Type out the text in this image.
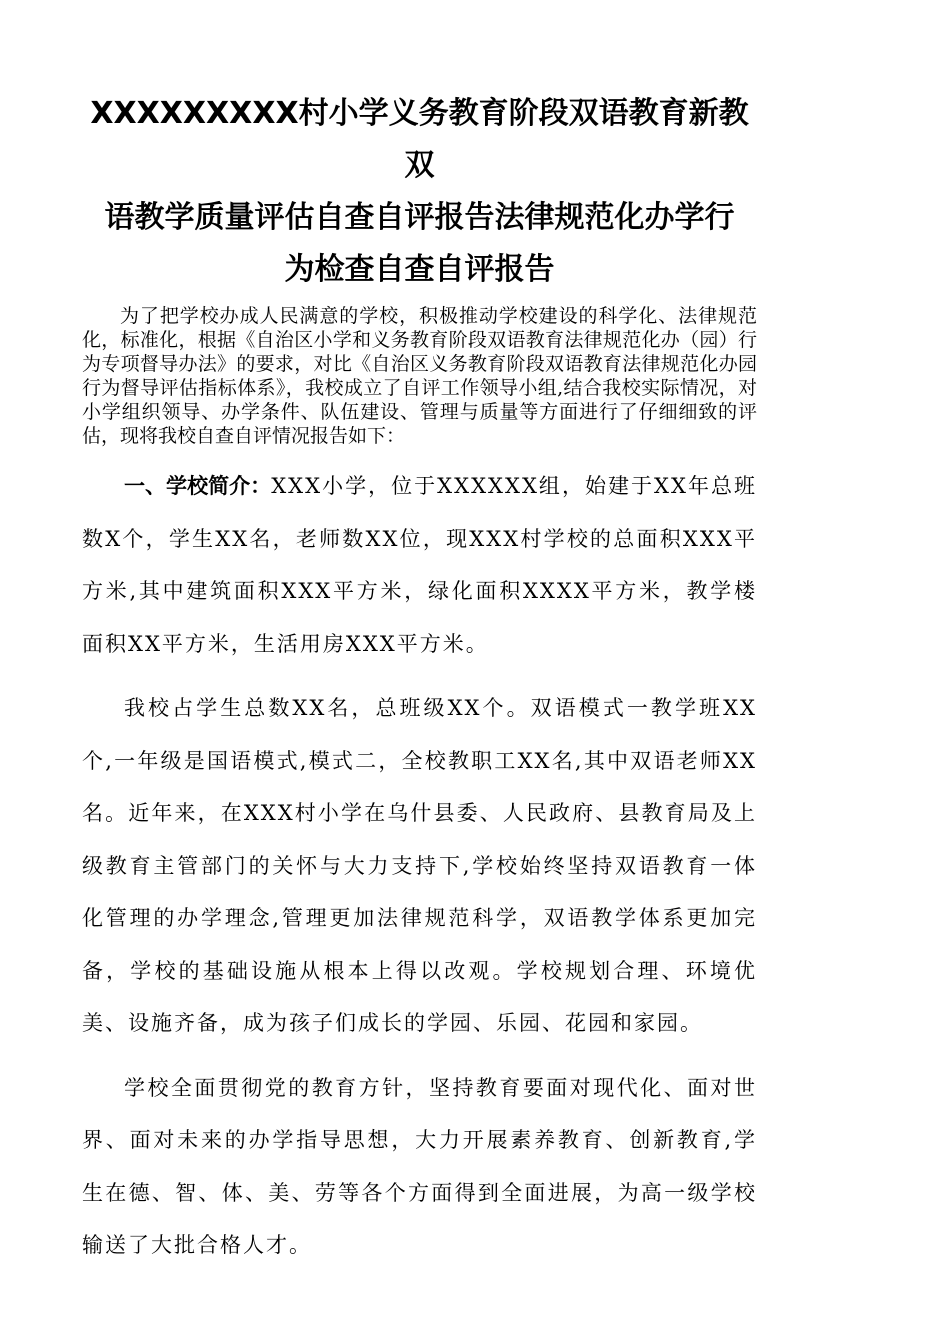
XXXXXXXXX村小学义务教育阶段双语教育新教双
语教学质量评估自查自评报告法律规范化办学行
为检查自查自评报告

为了把学校办成人民满意的学校，积极推动学校建设的科学化、法律规范化，标准化，根据《自治区小学和义务教育阶段双语教育法律规范化办（园）行为专项督导办法》的要求，对比《自治区义务教育阶段双语教育法律规范化办园行为督导评估指标体系》，我校成立了自评工作领导小组,结合我校实际情况，对小学组织领导、办学条件、队伍建设、管理与质量等方面进行了仔细细致的评估，现将我校自查自评情况报告如下：

一、学校简介：XXX小学，位于XXXXXX组，始建于XX年总班数X个，学生XX名，老师数XX位，现XXX村学校的总面积XXX平方米,其中建筑面积XXX平方米，绿化面积XXXX平方米，教学楼面积XX平方米，生活用房XXX平方米。

我校占学生总数XX名，总班级XX个。双语模式一教学班XX个,一年级是国语模式,模式二，全校教职工XX名,其中双语老师XX名。近年来，在XXX村小学在乌什县委、人民政府、县教育局及上级教育主管部门的关怀与大力支持下,学校始终坚持双语教育一体化管理的办学理念,管理更加法律规范科学，双语教学体系更加完备，学校的基础设施从根本上得以改观。学校规划合理、环境优美、设施齐备，成为孩子们成长的学园、乐园、花园和家园。

学校全面贯彻党的教育方针，坚持教育要面对现代化、面对世界、面对未来的办学指导思想，大力开展素养教育、创新教育,学生在德、智、体、美、劳等各个方面得到全面进展，为高一级学校输送了大批合格人才。
